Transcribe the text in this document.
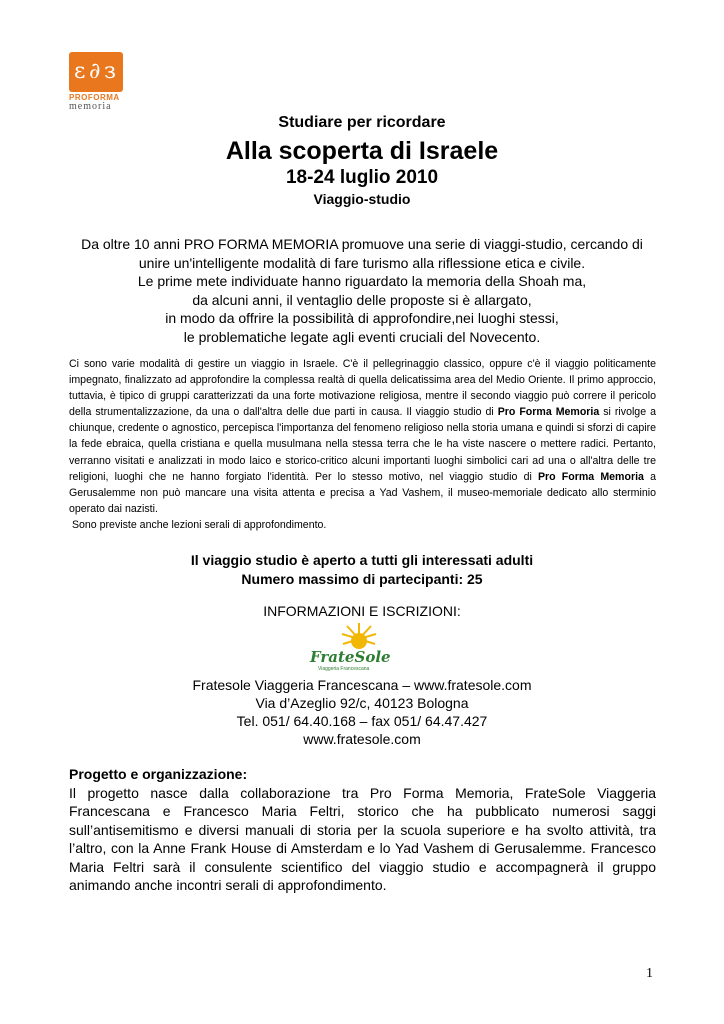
ε ∂ з
PROFORMA
memoria
Studiare per ricordare
Alla scoperta di Israele
18-24 luglio 2010
Viaggio-studio
Da oltre 10 anni PRO FORMA MEMORIA promuove una serie di viaggi-studio, cercando di
unire un'intelligente modalità di fare turismo alla riflessione etica e civile.
Le prime mete individuate hanno riguardato la memoria della Shoah ma,
da alcuni anni, il ventaglio delle proposte si è allargato,
in modo da offrire la possibilità di approfondire,nei luoghi stessi,
le problematiche legate agli eventi cruciali del Novecento.
Ci sono varie modalità di gestire un viaggio in Israele. C'è il pellegrinaggio classico, oppure c'è il viaggio politicamente impegnato, finalizzato ad approfondire la complessa realtà di quella delicatissima area del Medio Oriente. Il primo approccio, tuttavia, è tipico di gruppi caratterizzati da una forte motivazione religiosa, mentre il secondo viaggio può correre il pericolo della strumentalizzazione, da una o dall'altra delle due parti in causa. Il viaggio studio di Pro Forma Memoria si rivolge a chiunque, credente o agnostico, percepisca l'importanza del fenomeno religioso nella storia umana e quindi si sforzi di capire la fede ebraica, quella cristiana e quella musulmana nella stessa terra che le ha viste nascere o mettere radici. Pertanto, verranno visitati e analizzati in modo laico e storico-critico alcuni importanti luoghi simbolici cari ad una o all'altra delle tre religioni, luoghi che ne hanno forgiato l'identità. Per lo stesso motivo, nel viaggio studio di Pro Forma Memoria a Gerusalemme non può mancare una visita attenta e precisa a Yad Vashem, il museo-memoriale dedicato allo sterminio operato dai nazisti.
Sono previste anche lezioni serali di approfondimento.
Il viaggio studio è aperto a tutti gli interessati adulti
Numero massimo di partecipanti: 25
INFORMAZIONI E ISCRIZIONI:
FrateSole
Viaggeria Francescana
Fratesole Viaggeria Francescana – www.fratesole.com
Via d’Azeglio 92/c, 40123 Bologna
Tel. 051/ 64.40.168 – fax 051/ 64.47.427
www.fratesole.com
Progetto e organizzazione:
Il progetto nasce dalla collaborazione tra Pro Forma Memoria, FrateSole Viaggeria Francescana e Francesco Maria Feltri, storico che ha pubblicato numerosi saggi sull’antisemitismo e diversi manuali di storia per la scuola superiore e ha svolto attività, tra l’altro, con la Anne Frank House di Amsterdam e lo Yad Vashem di Gerusalemme. Francesco Maria Feltri sarà il consulente scientifico del viaggio studio e accompagnerà il gruppo animando anche incontri serali di approfondimento.
1
